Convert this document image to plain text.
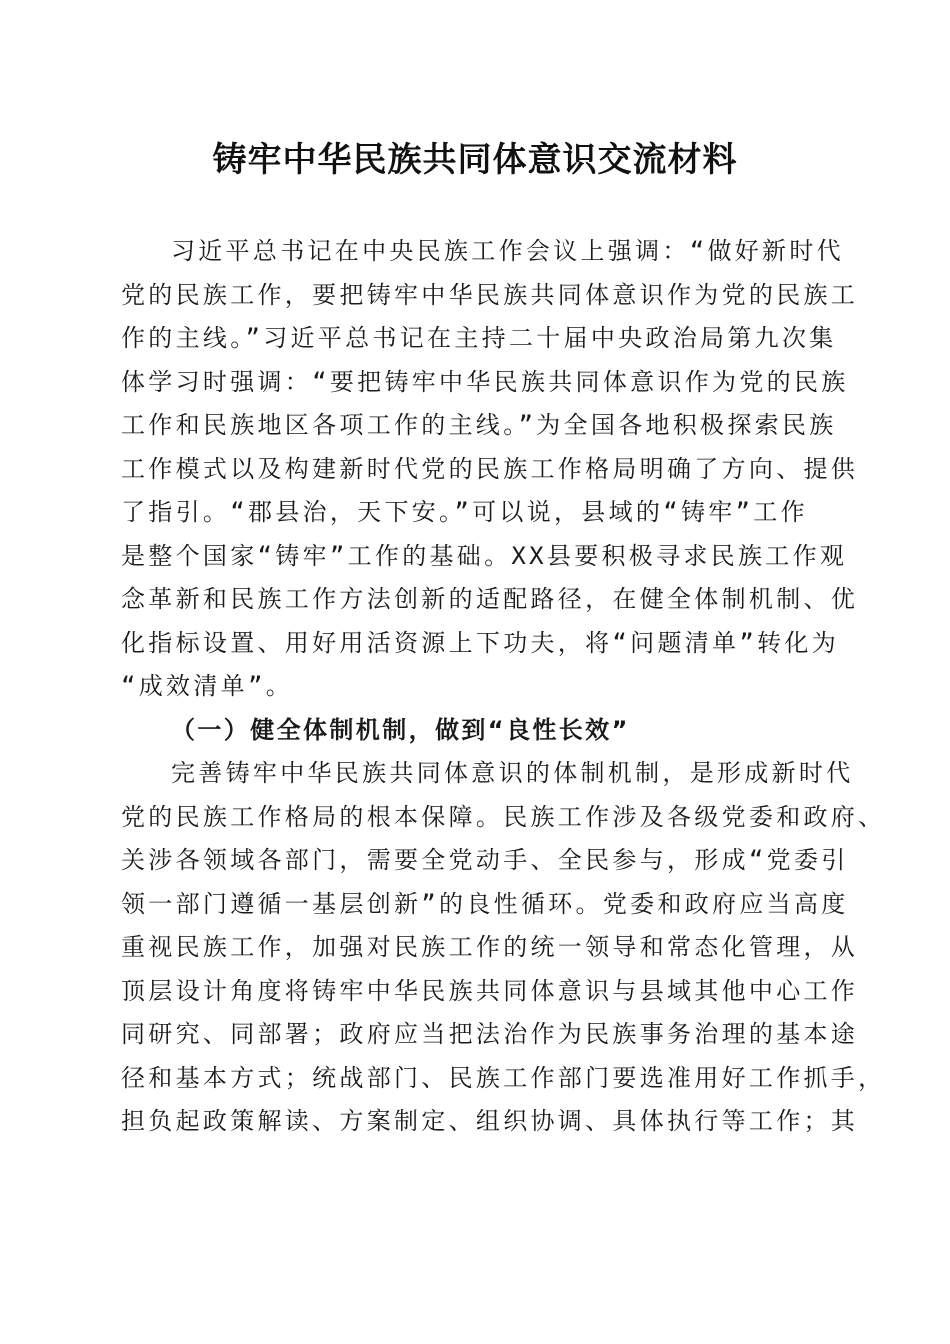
铸牢中华民族共同体意识交流材料
习近平总书记在中央民族工作会议上强调：“做好新时代
党的民族工作，要把铸牢中华民族共同体意识作为党的民族工
作的主线。”习近平总书记在主持二十届中央政治局第九次集
体学习时强调：“要把铸牢中华民族共同体意识作为党的民族
工作和民族地区各项工作的主线。”为全国各地积极探索民族
工作模式以及构建新时代党的民族工作格局明确了方向、提供
了指引。“郡县治，天下安。”可以说，县域的“铸牢”工作
是整个国家“铸牢”工作的基础。XX县要积极寻求民族工作观
念革新和民族工作方法创新的适配路径，在健全体制机制、优
化指标设置、用好用活资源上下功夫，将“问题清单”转化为
“成效清单”。
（一）健全体制机制，做到“良性长效”
完善铸牢中华民族共同体意识的体制机制，是形成新时代
党的民族工作格局的根本保障。民族工作涉及各级党委和政府、
关涉各领域各部门，需要全党动手、全民参与，形成“党委引
领一部门遵循一基层创新”的良性循环。党委和政府应当高度
重视民族工作，加强对民族工作的统一领导和常态化管理，从
顶层设计角度将铸牢中华民族共同体意识与县域其他中心工作
同研究、同部署；政府应当把法治作为民族事务治理的基本途
径和基本方式；统战部门、民族工作部门要选准用好工作抓手，
担负起政策解读、方案制定、组织协调、具体执行等工作；其
